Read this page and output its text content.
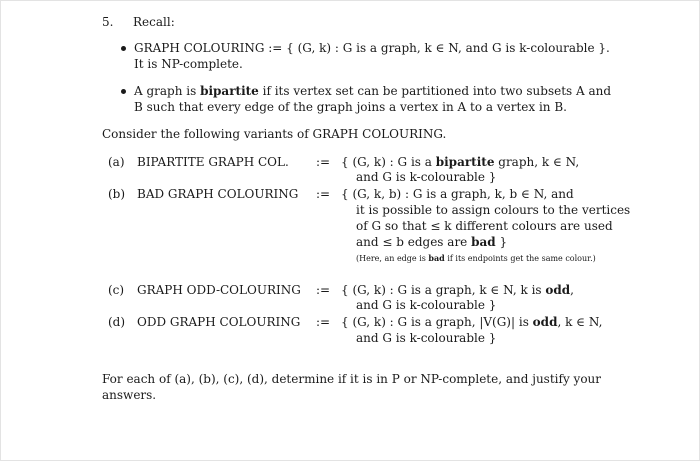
5. Recall:
GRAPH COLOURING := { (G, k) : G is a graph, k ∈ N, and G is k-colourable }.
It is NP-complete.
A graph is bipartite if its vertex set can be partitioned into two subsets A and
B such that every edge of the graph joins a vertex in A to a vertex in B.
Consider the following variants of GRAPH COLOURING.
(a) BIPARTITE GRAPH COL. := { (G, k) : G is a bipartite graph, k ∈ N,
and G is k-colourable }
(b) BAD GRAPH COLOURING := { (G, k, b) : G is a graph, k, b ∈ N, and
it is possible to assign colours to the vertices
of G so that ≤ k different colours are used
and ≤ b edges are bad }
(Here, an edge is bad if its endpoints get the same colour.)
(c) GRAPH ODD-COLOURING := { (G, k) : G is a graph, k ∈ N, k is odd,
and G is k-colourable }
(d) ODD GRAPH COLOURING := { (G, k) : G is a graph, |V(G)| is odd, k ∈ N,
and G is k-colourable }
For each of (a), (b), (c), (d), determine if it is in P or NP-complete, and justify your
answers.
